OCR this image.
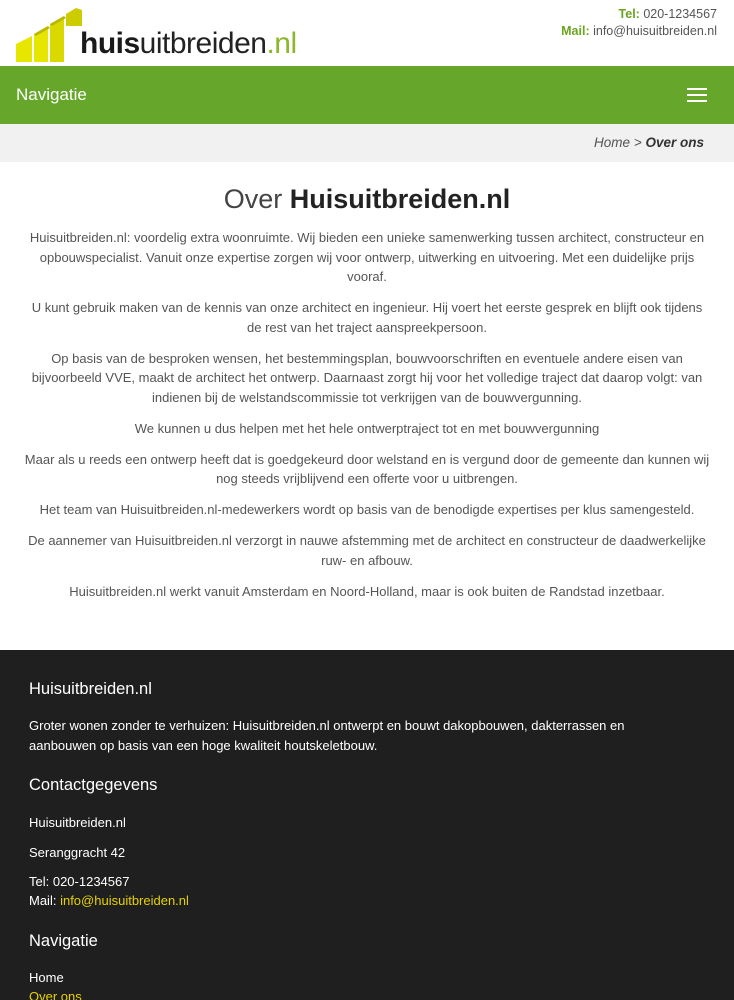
huisuitbreiden.nl
Tel: 020-1234567
Mail: info@huisuitbreiden.nl
Navigatie
Home > Over ons
Over Huisuitbreiden.nl

Huisuitbreiden.nl: voordelig extra woonruimte. Wij bieden een unieke samenwerking tussen architect, constructeur en opbouwspecialist. Vanuit onze expertise zorgen wij voor ontwerp, uitwerking en uitvoering. Met een duidelijke prijs vooraf.

U kunt gebruik maken van de kennis van onze architect en ingenieur. Hij voert het eerste gesprek en blijft ook tijdens de rest van het traject aanspreekpersoon.

Op basis van de besproken wensen, het bestemmingsplan, bouwvoorschriften en eventuele andere eisen van bijvoorbeeld VVE, maakt de architect het ontwerp. Daarnaast zorgt hij voor het volledige traject dat daarop volgt: van indienen bij de welstandscommissie tot verkrijgen van de bouwvergunning.

We kunnen u dus helpen met het hele ontwerptraject tot en met bouwvergunning

Maar als u reeds een ontwerp heeft dat is goedgekeurd door welstand en is vergund door de gemeente dan kunnen wij nog steeds vrijblijvend een offerte voor u uitbrengen.

Het team van Huisuitbreiden.nl-medewerkers wordt op basis van de benodigde expertises per klus samengesteld.

De aannemer van Huisuitbreiden.nl verzorgt in nauwe afstemming met de architect en constructeur de daadwerkelijke ruw- en afbouw.

Huisuitbreiden.nl werkt vanuit Amsterdam en Noord-Holland, maar is ook buiten de Randstad inzetbaar.

Huisuitbreiden.nl

Groter wonen zonder te verhuizen: Huisuitbreiden.nl ontwerpt en bouwt dakopbouwen, dakterrassen en aanbouwen op basis van een hoge kwaliteit houtskeletbouw.

Contactgegevens

Huisuitbreiden.nl

Seranggracht 42

Tel: 020-1234567

Mail: info@huisuitbreiden.nl

Navigatie

Home

Over ons
